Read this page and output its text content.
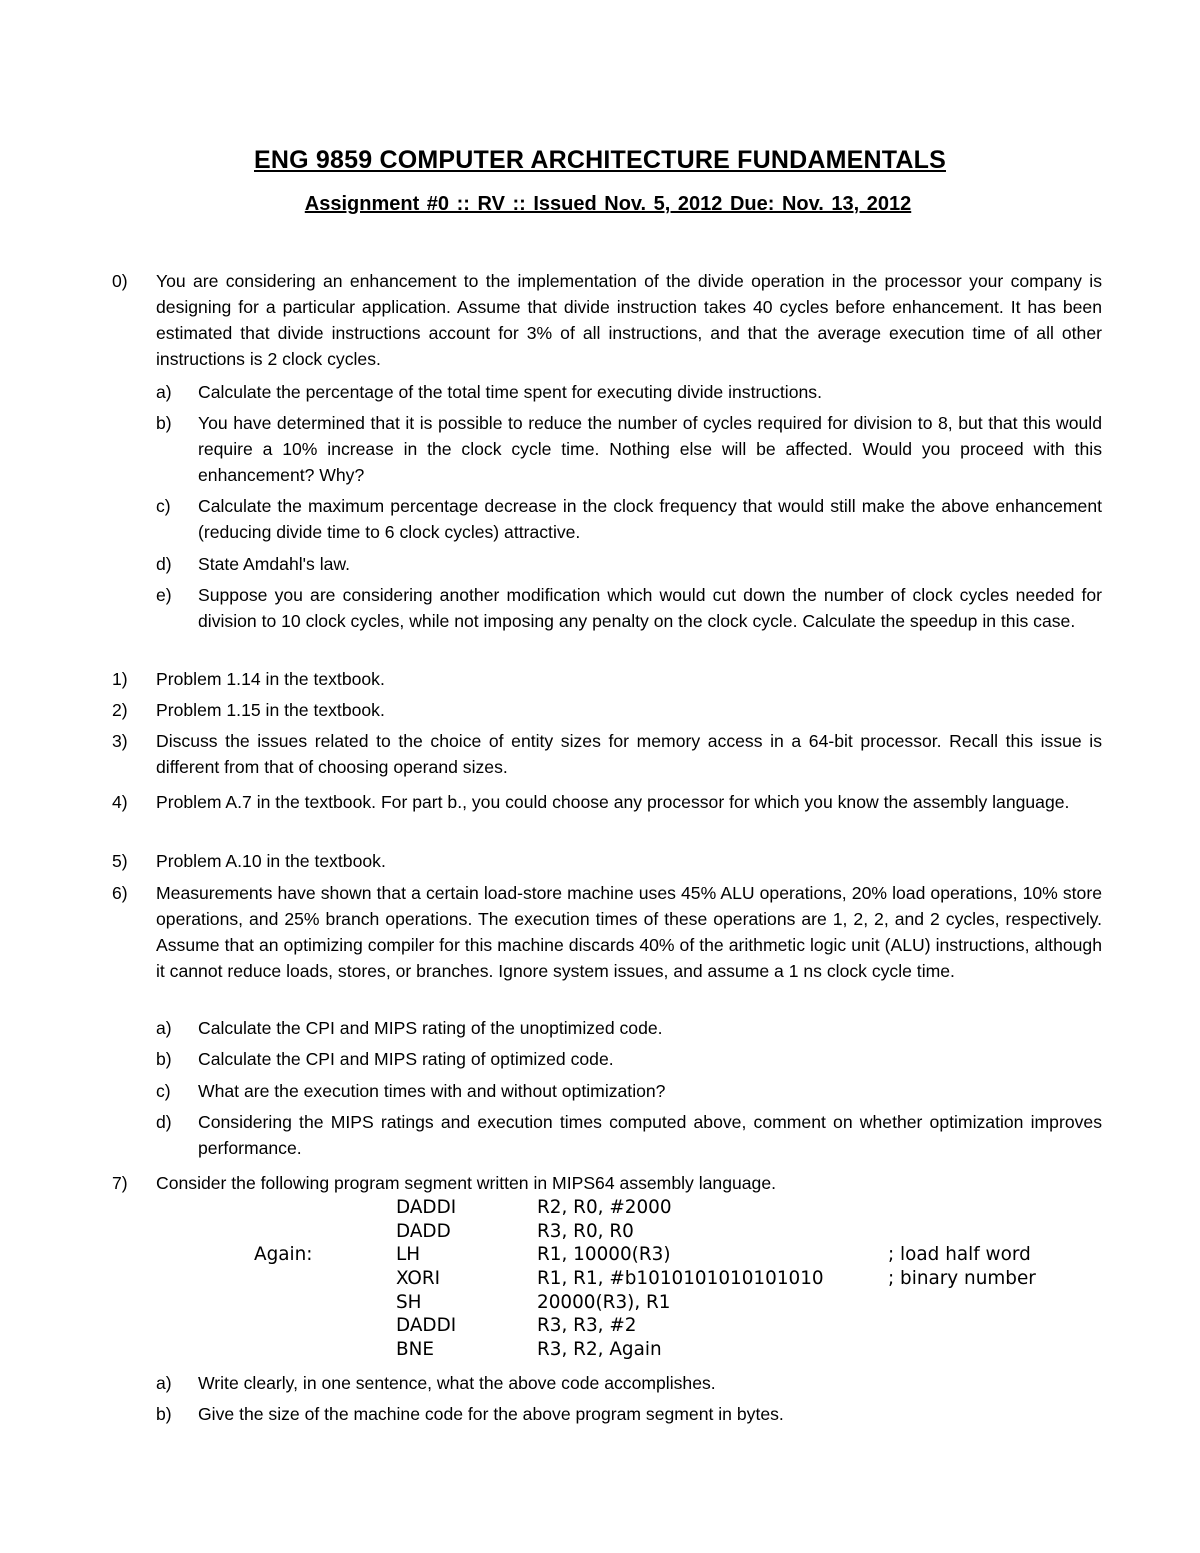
ENG 9859 COMPUTER ARCHITECTURE FUNDAMENTALS
Assignment #0 :: RV :: Issued Nov. 5, 2012 Due: Nov. 13, 2012
0) You are considering an enhancement to the implementation of the divide operation in the processor your company is designing for a particular application. Assume that divide instruction takes 40 cycles before enhancement. It has been estimated that divide instructions account for 3% of all instructions, and that the average execution time of all other instructions is 2 clock cycles.
a) Calculate the percentage of the total time spent for executing divide instructions.
b) You have determined that it is possible to reduce the number of cycles required for division to 8, but that this would require a 10% increase in the clock cycle time. Nothing else will be affected. Would you proceed with this enhancement? Why?
c) Calculate the maximum percentage decrease in the clock frequency that would still make the above enhancement (reducing divide time to 6 clock cycles) attractive.
d) State Amdahl's law.
e) Suppose you are considering another modification which would cut down the number of clock cycles needed for division to 10 clock cycles, while not imposing any penalty on the clock cycle. Calculate the speedup in this case.
1) Problem 1.14 in the textbook.
2) Problem 1.15 in the textbook.
3) Discuss the issues related to the choice of entity sizes for memory access in a 64-bit processor. Recall this issue is different from that of choosing operand sizes.
4) Problem A.7 in the textbook. For part b., you could choose any processor for which you know the assembly language.
5) Problem A.10 in the textbook.
6) Measurements have shown that a certain load-store machine uses 45% ALU operations, 20% load operations, 10% store operations, and 25% branch operations. The execution times of these operations are 1, 2, 2, and 2 cycles, respectively. Assume that an optimizing compiler for this machine discards 40% of the arithmetic logic unit (ALU) instructions, although it cannot reduce loads, stores, or branches. Ignore system issues, and assume a 1 ns clock cycle time.
a) Calculate the CPI and MIPS rating of the unoptimized code.
b) Calculate the CPI and MIPS rating of optimized code.
c) What are the execution times with and without optimization?
d) Considering the MIPS ratings and execution times computed above, comment on whether optimization improves performance.
7) Consider the following program segment written in MIPS64 assembly language.
DADDI	R2, R0, #2000
DADD	R3, R0, R0
Again:	LH	R1, 10000(R3)	; load half word
XORI	R1, R1, #b1010101010101010	; binary number
SH	20000(R3), R1
DADDI	R3, R3, #2
BNE	R3, R2, Again
a) Write clearly, in one sentence, what the above code accomplishes.
b) Give the size of the machine code for the above program segment in bytes.
